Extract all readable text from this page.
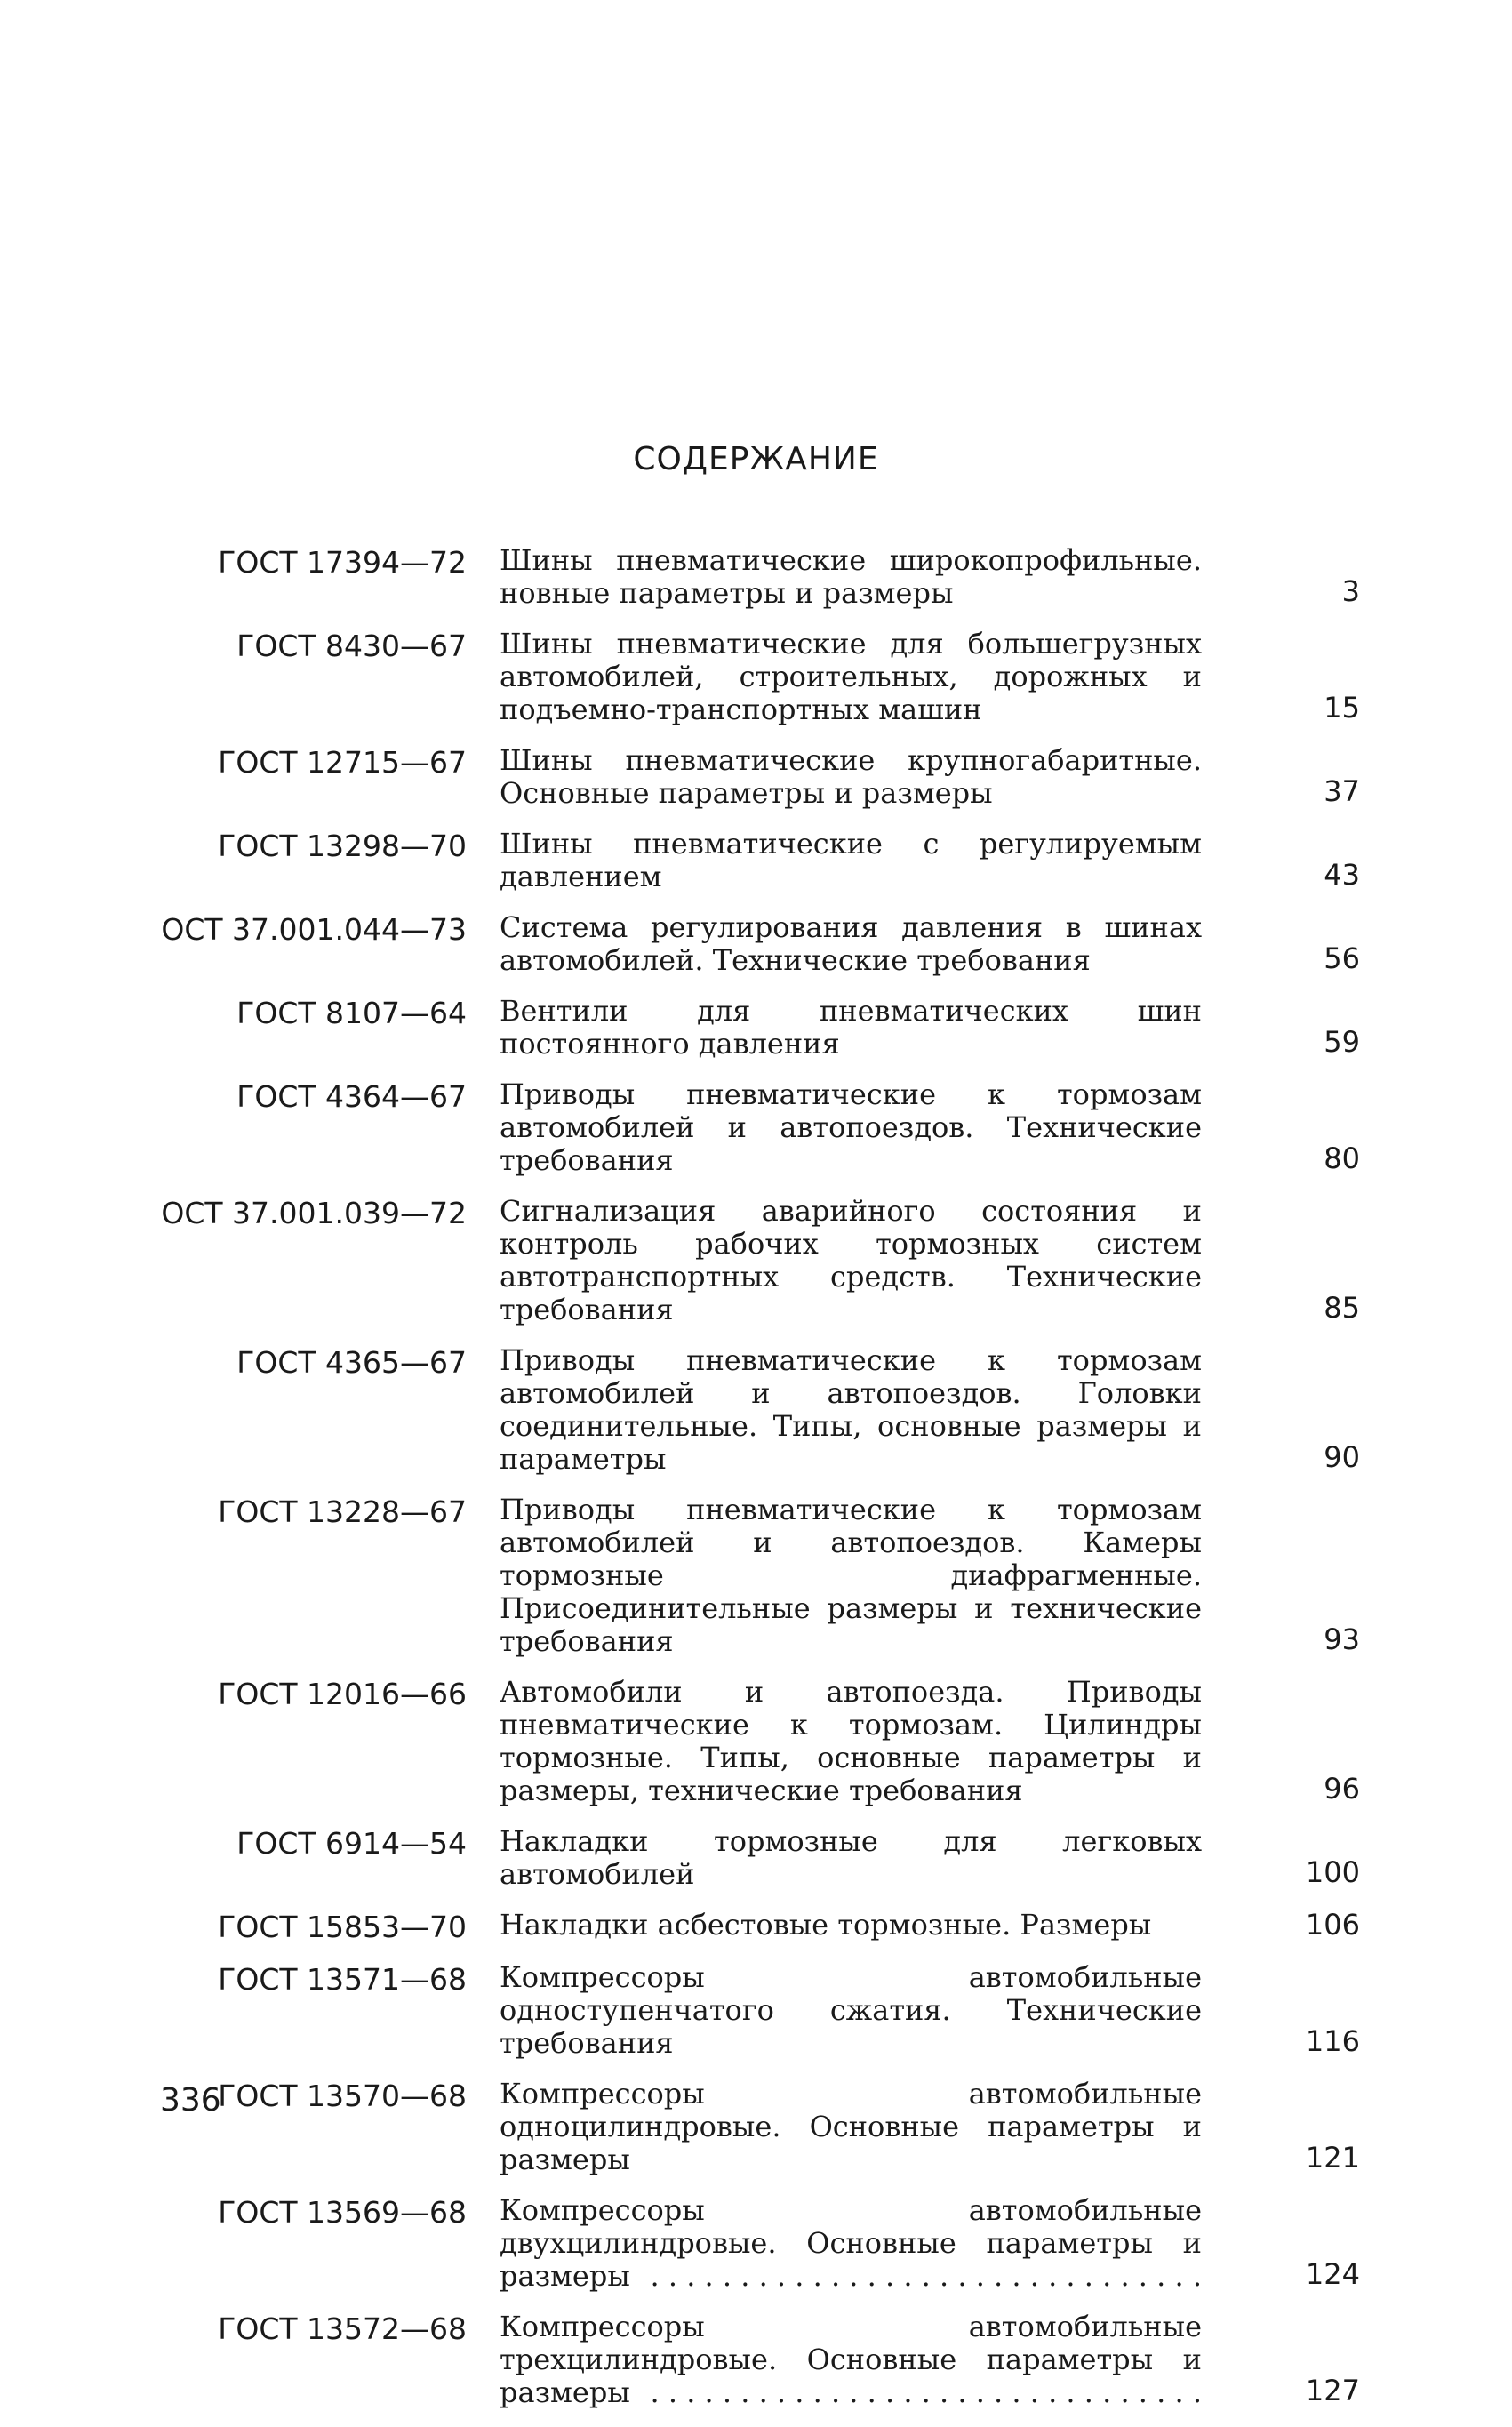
СОДЕРЖАНИЕ
ГОСТ 17394—72 Шины пневматические широкопрофильные. новные параметры и размеры . . .	3
ГОСТ 8430—67 Шины пневматические для большегрузных автомобилей, строительных, дорожных и подъемно-транспортных машин . . .	15
ГОСТ 12715—67 Шины пневматические крупногабаритные. Основные параметры и размеры . . .	37
ГОСТ 13298—70 Шины пневматические с регулируемым давлением . . .	43
ОСТ 37.001.044—73 Система регулирования давления в шинах автомобилей. Технические требования . . .	56
ГОСТ 8107—64 Вентили для пневматических шин постоянного давления . . .	59
ГОСТ 4364—67 Приводы пневматические к тормозам автомобилей и автопоездов. Технические требования	80
ОСТ 37.001.039—72 Сигнализация аварийного состояния и контроль рабочих тормозных систем автотранспортных средств. Технические требования . . .	85
ГОСТ 4365—67 Приводы пневматические к тормозам автомобилей и автопоездов. Головки соединительные. Типы, основные размеры и параметры . . .	90
ГОСТ 13228—67 Приводы пневматические к тормозам автомобилей и автопоездов. Камеры тормозные диафрагменные. Присоединительные размеры и технические требования . . .	93
ГОСТ 12016—66 Автомобили и автопоезда. Приводы пневматические к тормозам. Цилиндры тормозные. Типы, основные параметры и размеры, технические требования . . .	96
ГОСТ 6914—54 Накладки тормозные для легковых автомобилей	100
ГОСТ 15853—70 Накладки асбестовые тормозные. Размеры . . .	106
ГОСТ 13571—68 Компрессоры автомобильные одноступенчатого сжатия. Технические требования . . .	116
ГОСТ 13570—68 Компрессоры автомобильные одноцилиндровые. Основные параметры и размеры . . .	121
ГОСТ 13569—68 Компрессоры автомобильные двухцилиндровые. Основные параметры и размеры . . .	124
ГОСТ 13572—68 Компрессоры автомобильные трехцилиндровые. Основные параметры и размеры . . .	127
336
